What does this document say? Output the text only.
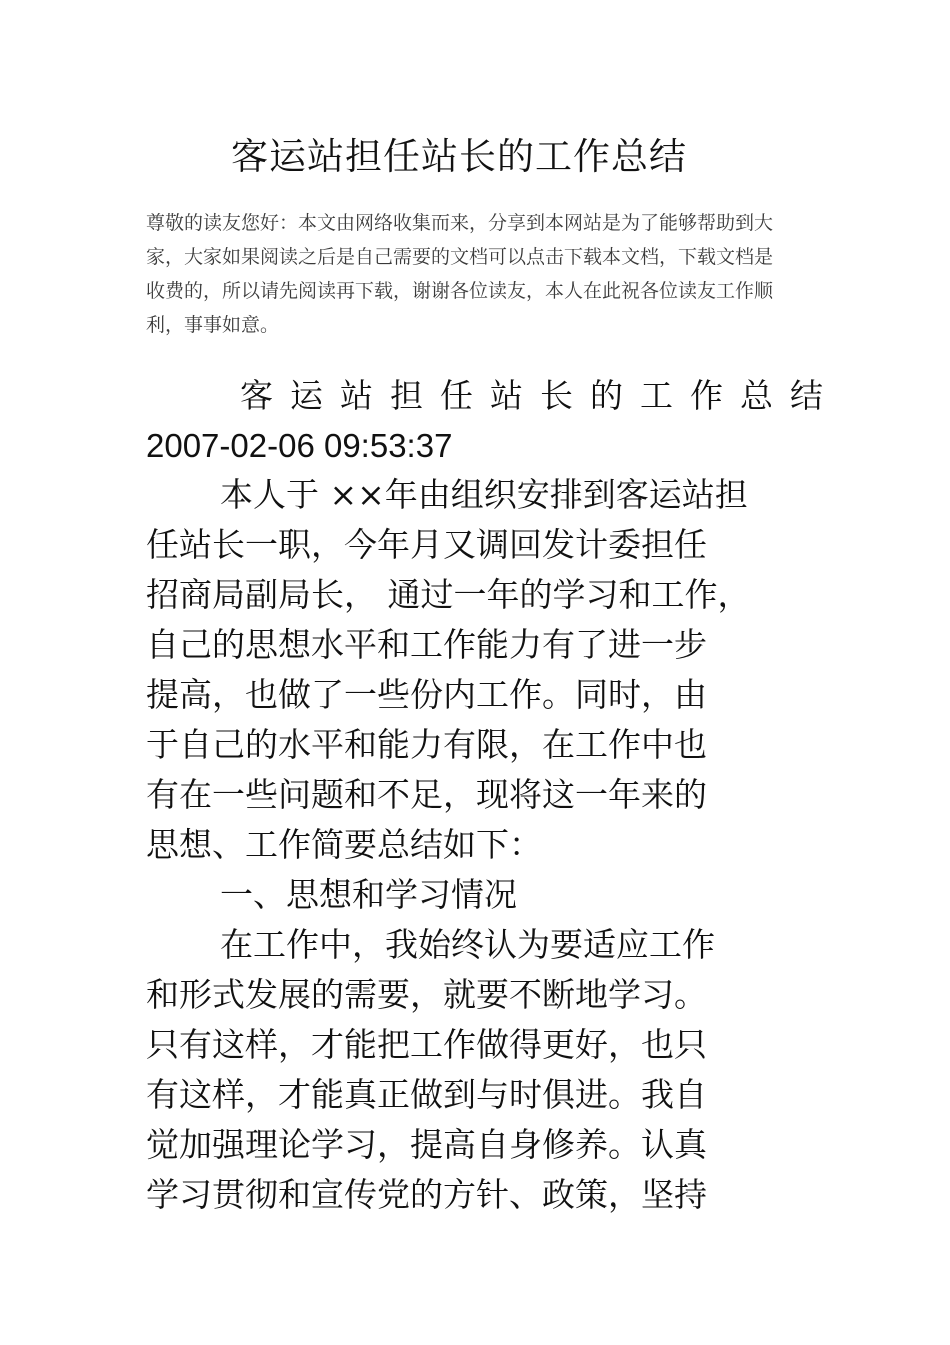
客运站担任站长的工作总结
尊敬的读友您好：本文由网络收集而来，分享到本网站是为了能够帮助到大
家，大家如果阅读之后是自己需要的文档可以点击下载本文档，下载文档是
收费的，所以请先阅读再下载，谢谢各位读友，本人在此祝各位读友工作顺
利，事事如意。
客运站担任站长的工作总结
2007-02-06 09:53:37
本人于 ××年由组织安排到客运站担
任站长一职，今年月又调回发计委担任
招商局副局长， 通过一年的学习和工作，
自己的思想水平和工作能力有了进一步
提高，也做了一些份内工作。同时，由
于自己的水平和能力有限，在工作中也
有在一些问题和不足，现将这一年来的
思想、工作简要总结如下：
一、思想和学习情况
在工作中，我始终认为要适应工作
和形式发展的需要，就要不断地学习。
只有这样，才能把工作做得更好，也只
有这样，才能真正做到与时俱进。我自
觉加强理论学习，提高自身修养。认真
学习贯彻和宣传党的方针、政策，坚持
